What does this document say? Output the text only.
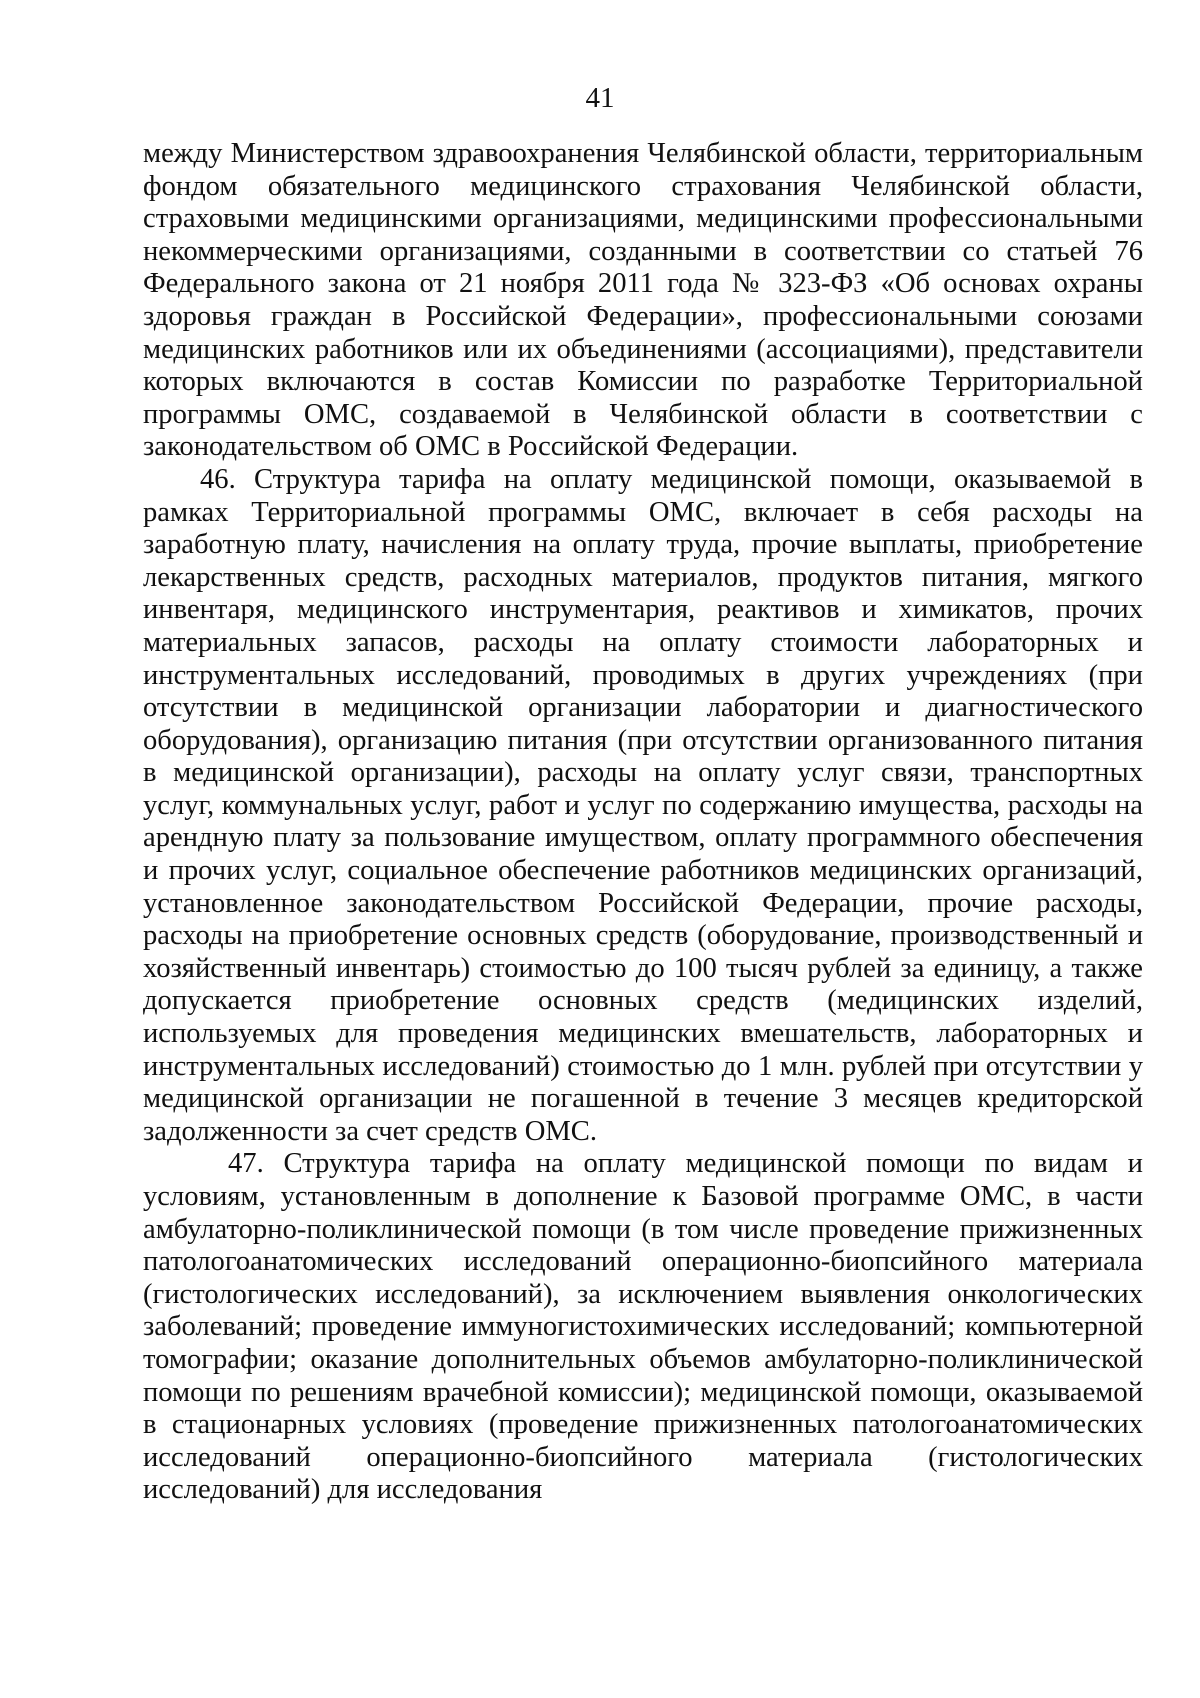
41

между Министерством здравоохранения Челябинской области, территориальным фондом обязательного медицинского страхования Челябинской области, страховыми медицинскими организациями, медицинскими профессиональными некоммерческими организациями, созданными в соответствии со статьей 76 Федерального закона от 21 ноября 2011 года № 323-ФЗ «Об основах охраны здоровья граждан в Российской Федерации», профессиональными союзами медицинских работников или их объединениями (ассоциациями), представители которых включаются в состав Комиссии по разработке Территориальной программы ОМС, создаваемой в Челябинской области в соответствии с законодательством об ОМС в Российской Федерации.

46. Структура тарифа на оплату медицинской помощи, оказываемой в рамках Территориальной программы ОМС, включает в себя расходы на заработную плату, начисления на оплату труда, прочие выплаты, приобретение лекарственных средств, расходных материалов, продуктов питания, мягкого инвентаря, медицинского инструментария, реактивов и химикатов, прочих материальных запасов, расходы на оплату стоимости лабораторных и инструментальных исследований, проводимых в других учреждениях (при отсутствии в медицинской организации лаборатории и диагностического оборудования), организацию питания (при отсутствии организованного питания в медицинской организации), расходы на оплату услуг связи, транспортных услуг, коммунальных услуг, работ и услуг по содержанию имущества, расходы на арендную плату за пользование имуществом, оплату программного обеспечения и прочих услуг, социальное обеспечение работников медицинских организаций, установленное законодательством Российской Федерации, прочие расходы, расходы на приобретение основных средств (оборудование, производственный и хозяйственный инвентарь) стоимостью до 100 тысяч рублей за единицу, а также допускается приобретение основных средств (медицинских изделий, используемых для проведения медицинских вмешательств, лабораторных и инструментальных исследований) стоимостью до 1 млн. рублей при отсутствии у медицинской организации не погашенной в течение 3 месяцев кредиторской задолженности за счет средств ОМС.

47. Структура тарифа на оплату медицинской помощи по видам и условиям, установленным в дополнение к Базовой программе ОМС, в части амбулаторно-поликлинической помощи (в том числе проведение прижизненных патологоанатомических исследований операционно-биопсийного материала (гистологических исследований), за исключением выявления онкологических заболеваний; проведение иммуногистохимических исследований; компьютерной томографии; оказание дополнительных объемов амбулаторно-поликлинической помощи по решениям врачебной комиссии); медицинской помощи, оказываемой в стационарных условиях (проведение прижизненных патологоанатомических исследований операционно-биопсийного материала (гистологических исследований) для исследования
